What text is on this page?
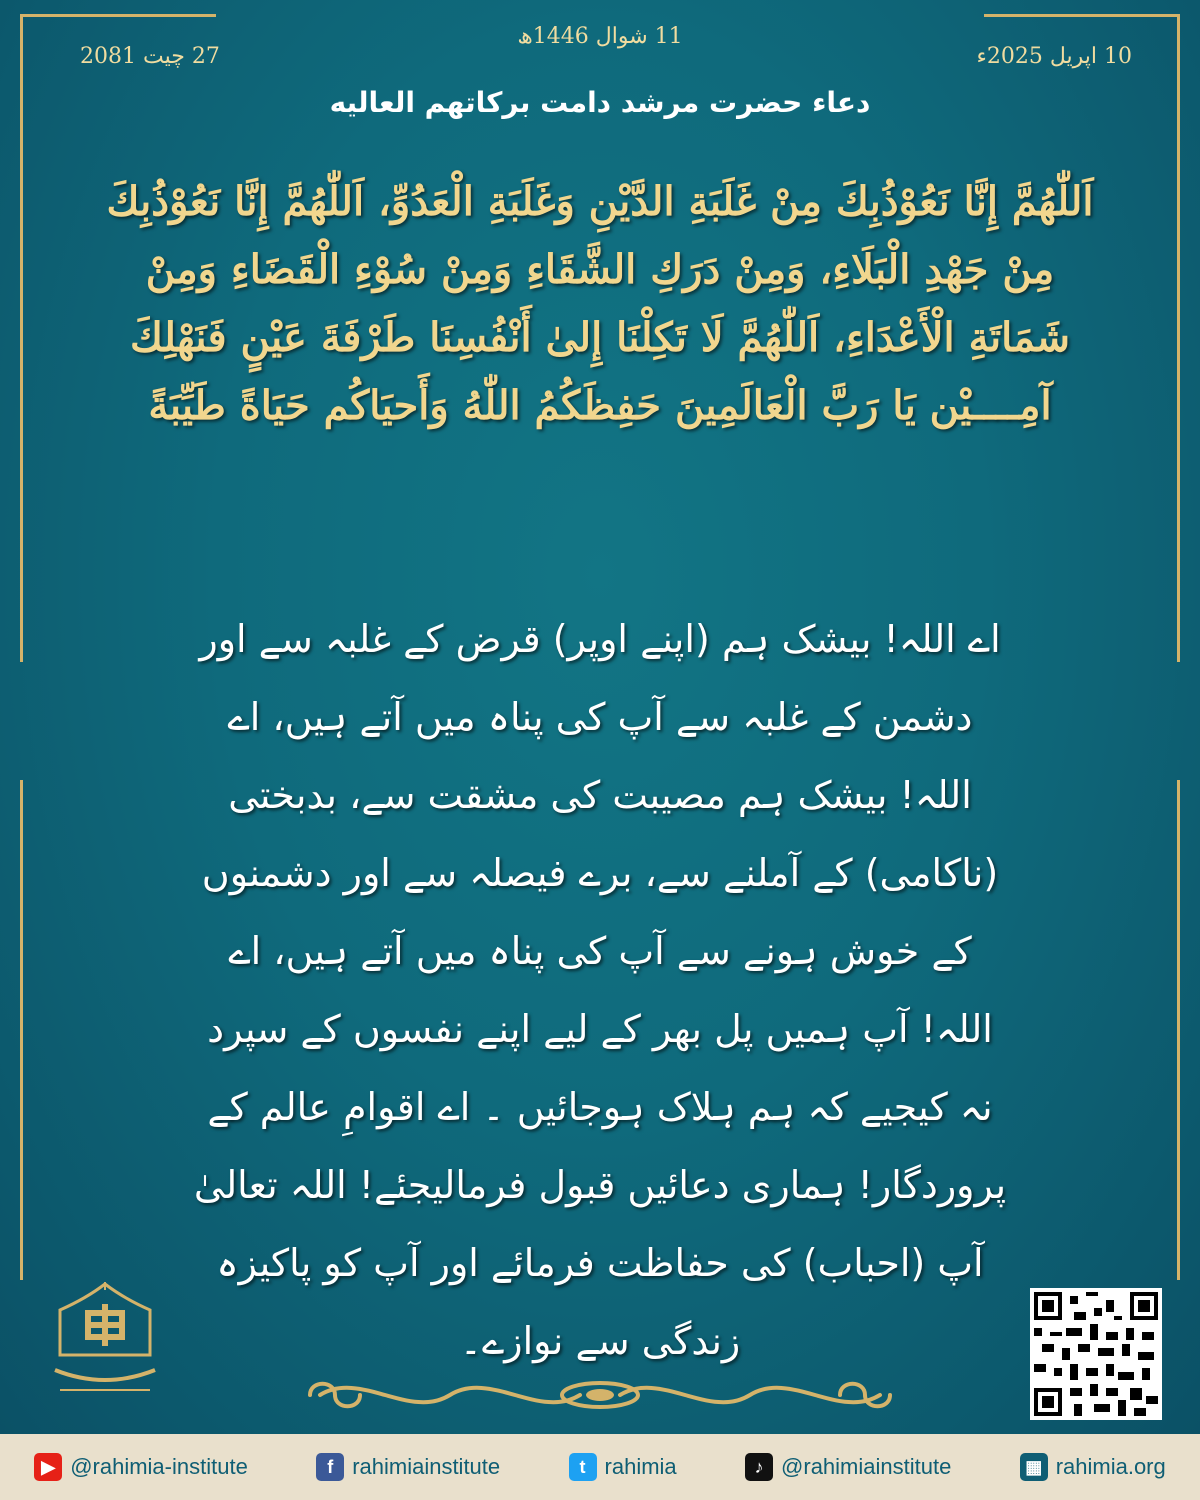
10 اپریل 2025ء
11 شوال 1446ھ
27 چیت 2081
دعاء حضرت مرشد دامت برکاتهم العالیه
اَللّٰهُمَّ إِنَّا نَعُوْذُبِكَ مِنْ غَلَبَةِ الدَّيْنِ وَغَلَبَةِ الْعَدُوِّ، اَللّٰهُمَّ إِنَّا نَعُوْذُبِكَ مِنْ جَهْدِ الْبَلَاءِ، وَمِنْ دَرَكِ الشَّقَاءِ وَمِنْ سُوْءِ الْقَضَاءِ وَمِنْ شَمَاتَةِ الْأَعْدَاءِ، اَللّٰهُمَّ لَا تَكِلْنَا إِلىٰ أَنْفُسِنَا طَرْفَةَ عَيْنٍ فَنَهْلِكَ آمِــــيْن يَا رَبَّ الْعَالَمِينَ حَفِظَكُمُ اللّٰهُ وَأَحيَاكُم حَيَاةً طَيِّبَةً
اے اللہ! بیشک ہم (اپنے اوپر) قرض کے غلبہ سے اور دشمن کے غلبہ سے آپ کی پناہ میں آتے ہیں، اے اللہ! بیشک ہم مصیبت کی مشقت سے، بدبختی (ناکامی) کے آملنے سے، برے فیصلہ سے اور دشمنوں کے خوش ہونے سے آپ کی پناہ میں آتے ہیں، اے اللہ! آپ ہمیں پل بھر کے لیے اپنے نفسوں کے سپرد نہ کیجیے کہ ہم ہلاک ہوجائیں ۔ اے اقوامِ عالم کے پروردگار! ہماری دعائیں قبول فرمالیجئے! اللہ تعالیٰ آپ (احباب) کی حفاظت فرمائے اور آپ کو پاکیزہ زندگی سے نوازے۔
▶ @rahimia-institute	f rahimiainstitute	t rahimia	♪ @rahimiainstitute	▦ rahimia.org
